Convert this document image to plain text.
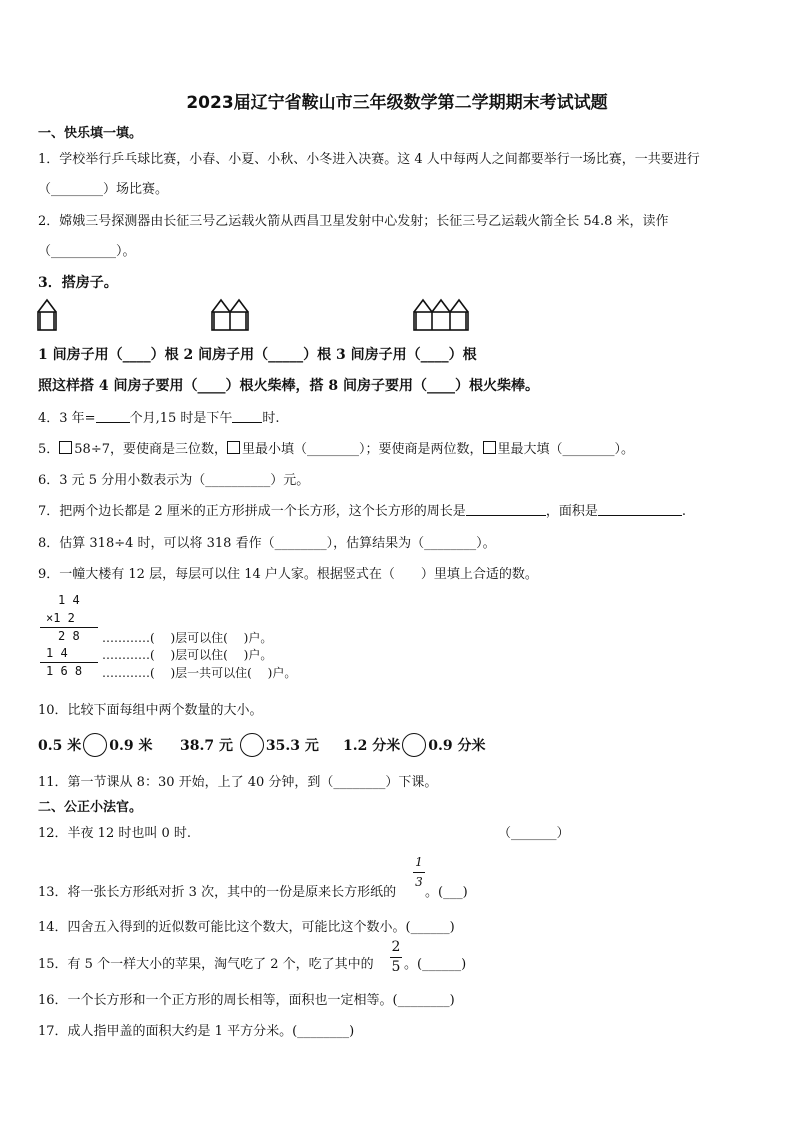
2023届辽宁省鞍山市三年级数学第二学期期末考试试题
一、快乐填一填。
1．学校举行乒乓球比赛，小春、小夏、小秋、小冬进入决赛。这 4 人中每两人之间都要举行一场比赛，一共要进行
（________）场比赛。
2．嫦娥三号探测器由长征三号乙运载火箭从西昌卫星发射中心发射；长征三号乙运载火箭全长 54.8 米，读作
（__________）。
3．搭房子。
1 间房子用（____）根 2 间房子用（_____）根 3 间房子用（____）根
照这样搭 4 间房子要用（____）根火柴棒，搭 8 间房子要用（____）根火柴棒。
4．3 年=	个月,15 时是下午 时.
5． 58÷7，要使商是三位数， 里最小填（________）；要使商是两位数， 里最大填（________）。
6．3 元 5 分用小数表示为（__________）元。
7．把两个边长都是 2 厘米的正方形拼成一个长方形，这个长方形的周长是	，面积是	.
8．估算 318÷4 时，可以将 318 看作（________），估算结果为（________）。
9．一幢大楼有 12 层，每层可以住 14 户人家。根据竖式在（　　）里填上合适的数。
1 4
×1 2
2 8
1 4
1 6 8
…………(　 )层可以住(　 )户。
…………(　 )层可以住(　 )户。
…………(　 )层一共可以住(　 )户。
10．比较下面每组中两个数量的大小。
0.5 米 0.9 米 38.7 元 35.3 元 1.2 分米 0.9 分米
11．第一节课从 8：30 开始，上了 40 分钟，到（________）下课。
二、公正小法官。
12．半夜 12 时也叫 0 时.	（_______）
13．将一张长方形纸对折 3 次，其中的一份是原来长方形纸的
1
3
。(___)
14．四舍五入得到的近似数可能比这个数大，可能比这个数小。(______)
15．有 5 个一样大小的苹果，淘气吃了 2 个，吃了其中的
2
5 。(______)
16．一个长方形和一个正方形的周长相等，面积也一定相等。(________)
17．成人指甲盖的面积大约是 1 平方分米。(________)
